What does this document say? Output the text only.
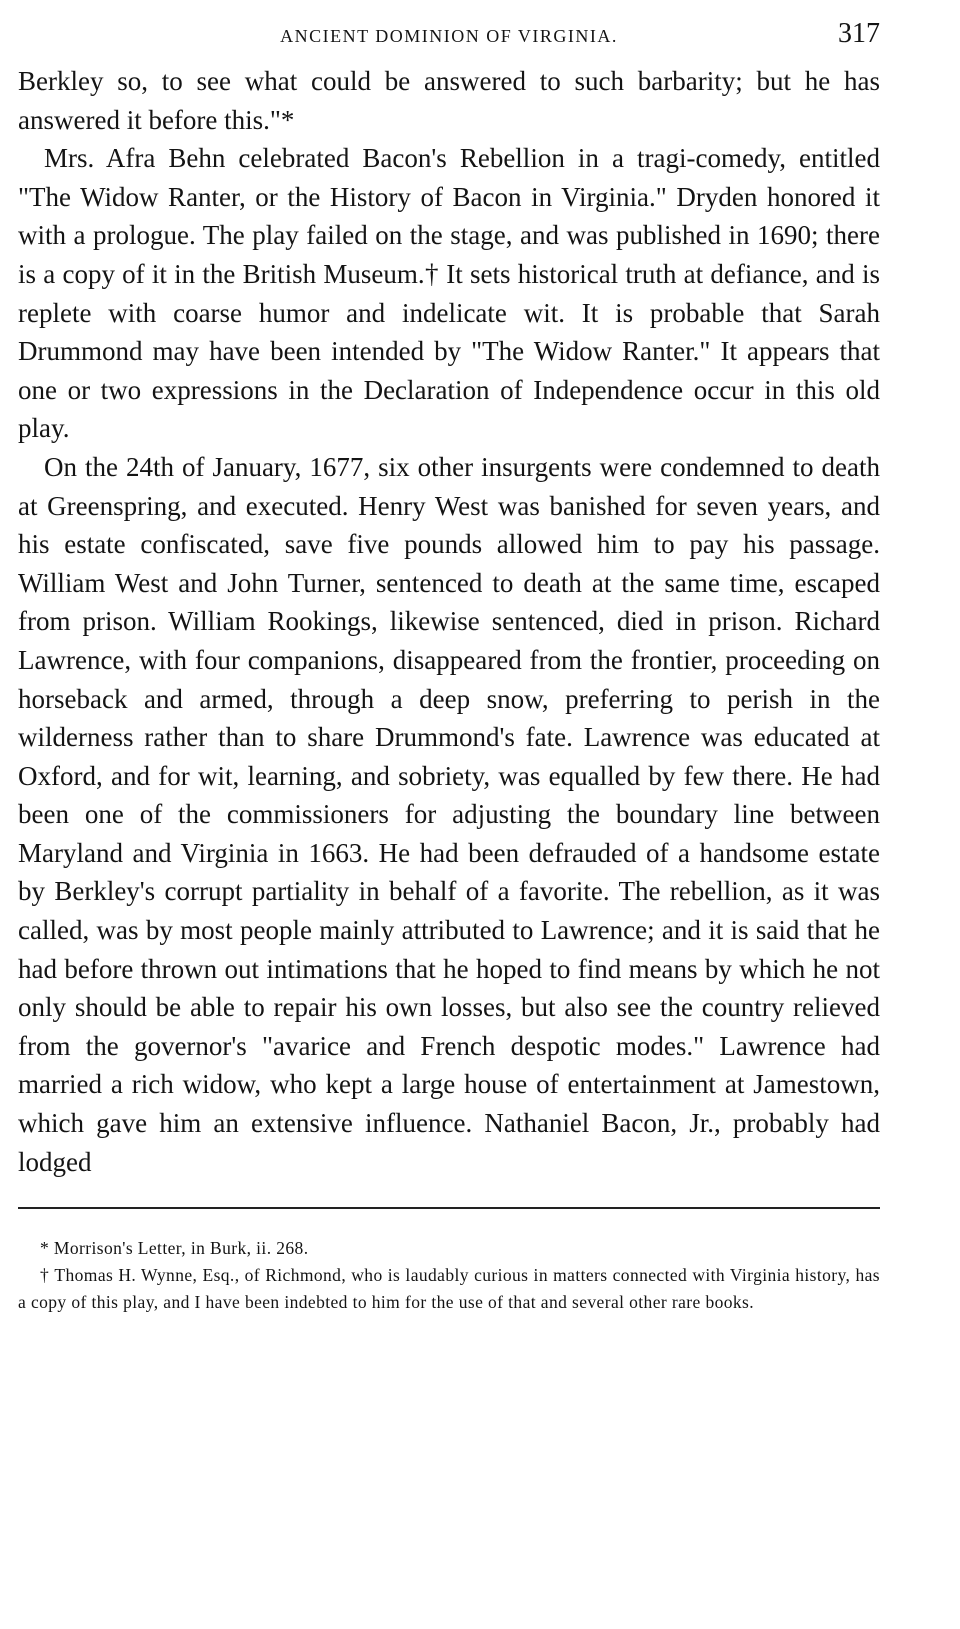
ANCIENT DOMINION OF VIRGINIA.	317

Berkley so, to see what could be answered to such barbarity; but he has answered it before this."*

Mrs. Afra Behn celebrated Bacon's Rebellion in a tragi-comedy, entitled "The Widow Ranter, or the History of Bacon in Virginia." Dryden honored it with a prologue. The play failed on the stage, and was published in 1690; there is a copy of it in the British Museum.† It sets historical truth at defiance, and is replete with coarse humor and indelicate wit. It is probable that Sarah Drummond may have been intended by "The Widow Ranter." It appears that one or two expressions in the Declaration of Independence occur in this old play.

On the 24th of January, 1677, six other insurgents were condemned to death at Greenspring, and executed. Henry West was banished for seven years, and his estate confiscated, save five pounds allowed him to pay his passage. William West and John Turner, sentenced to death at the same time, escaped from prison. William Rookings, likewise sentenced, died in prison. Richard Lawrence, with four companions, disappeared from the frontier, proceeding on horseback and armed, through a deep snow, preferring to perish in the wilderness rather than to share Drummond's fate. Lawrence was educated at Oxford, and for wit, learning, and sobriety, was equalled by few there. He had been one of the commissioners for adjusting the boundary line between Maryland and Virginia in 1663. He had been defrauded of a handsome estate by Berkley's corrupt partiality in behalf of a favorite. The rebellion, as it was called, was by most people mainly attributed to Lawrence; and it is said that he had before thrown out intimations that he hoped to find means by which he not only should be able to repair his own losses, but also see the country relieved from the governor's "avarice and French despotic modes." Lawrence had married a rich widow, who kept a large house of entertainment at Jamestown, which gave him an extensive influence. Nathaniel Bacon, Jr., probably had lodged

* Morrison's Letter, in Burk, ii. 268.

† Thomas H. Wynne, Esq., of Richmond, who is laudably curious in matters connected with Virginia history, has a copy of this play, and I have been indebted to him for the use of that and several other rare books.
